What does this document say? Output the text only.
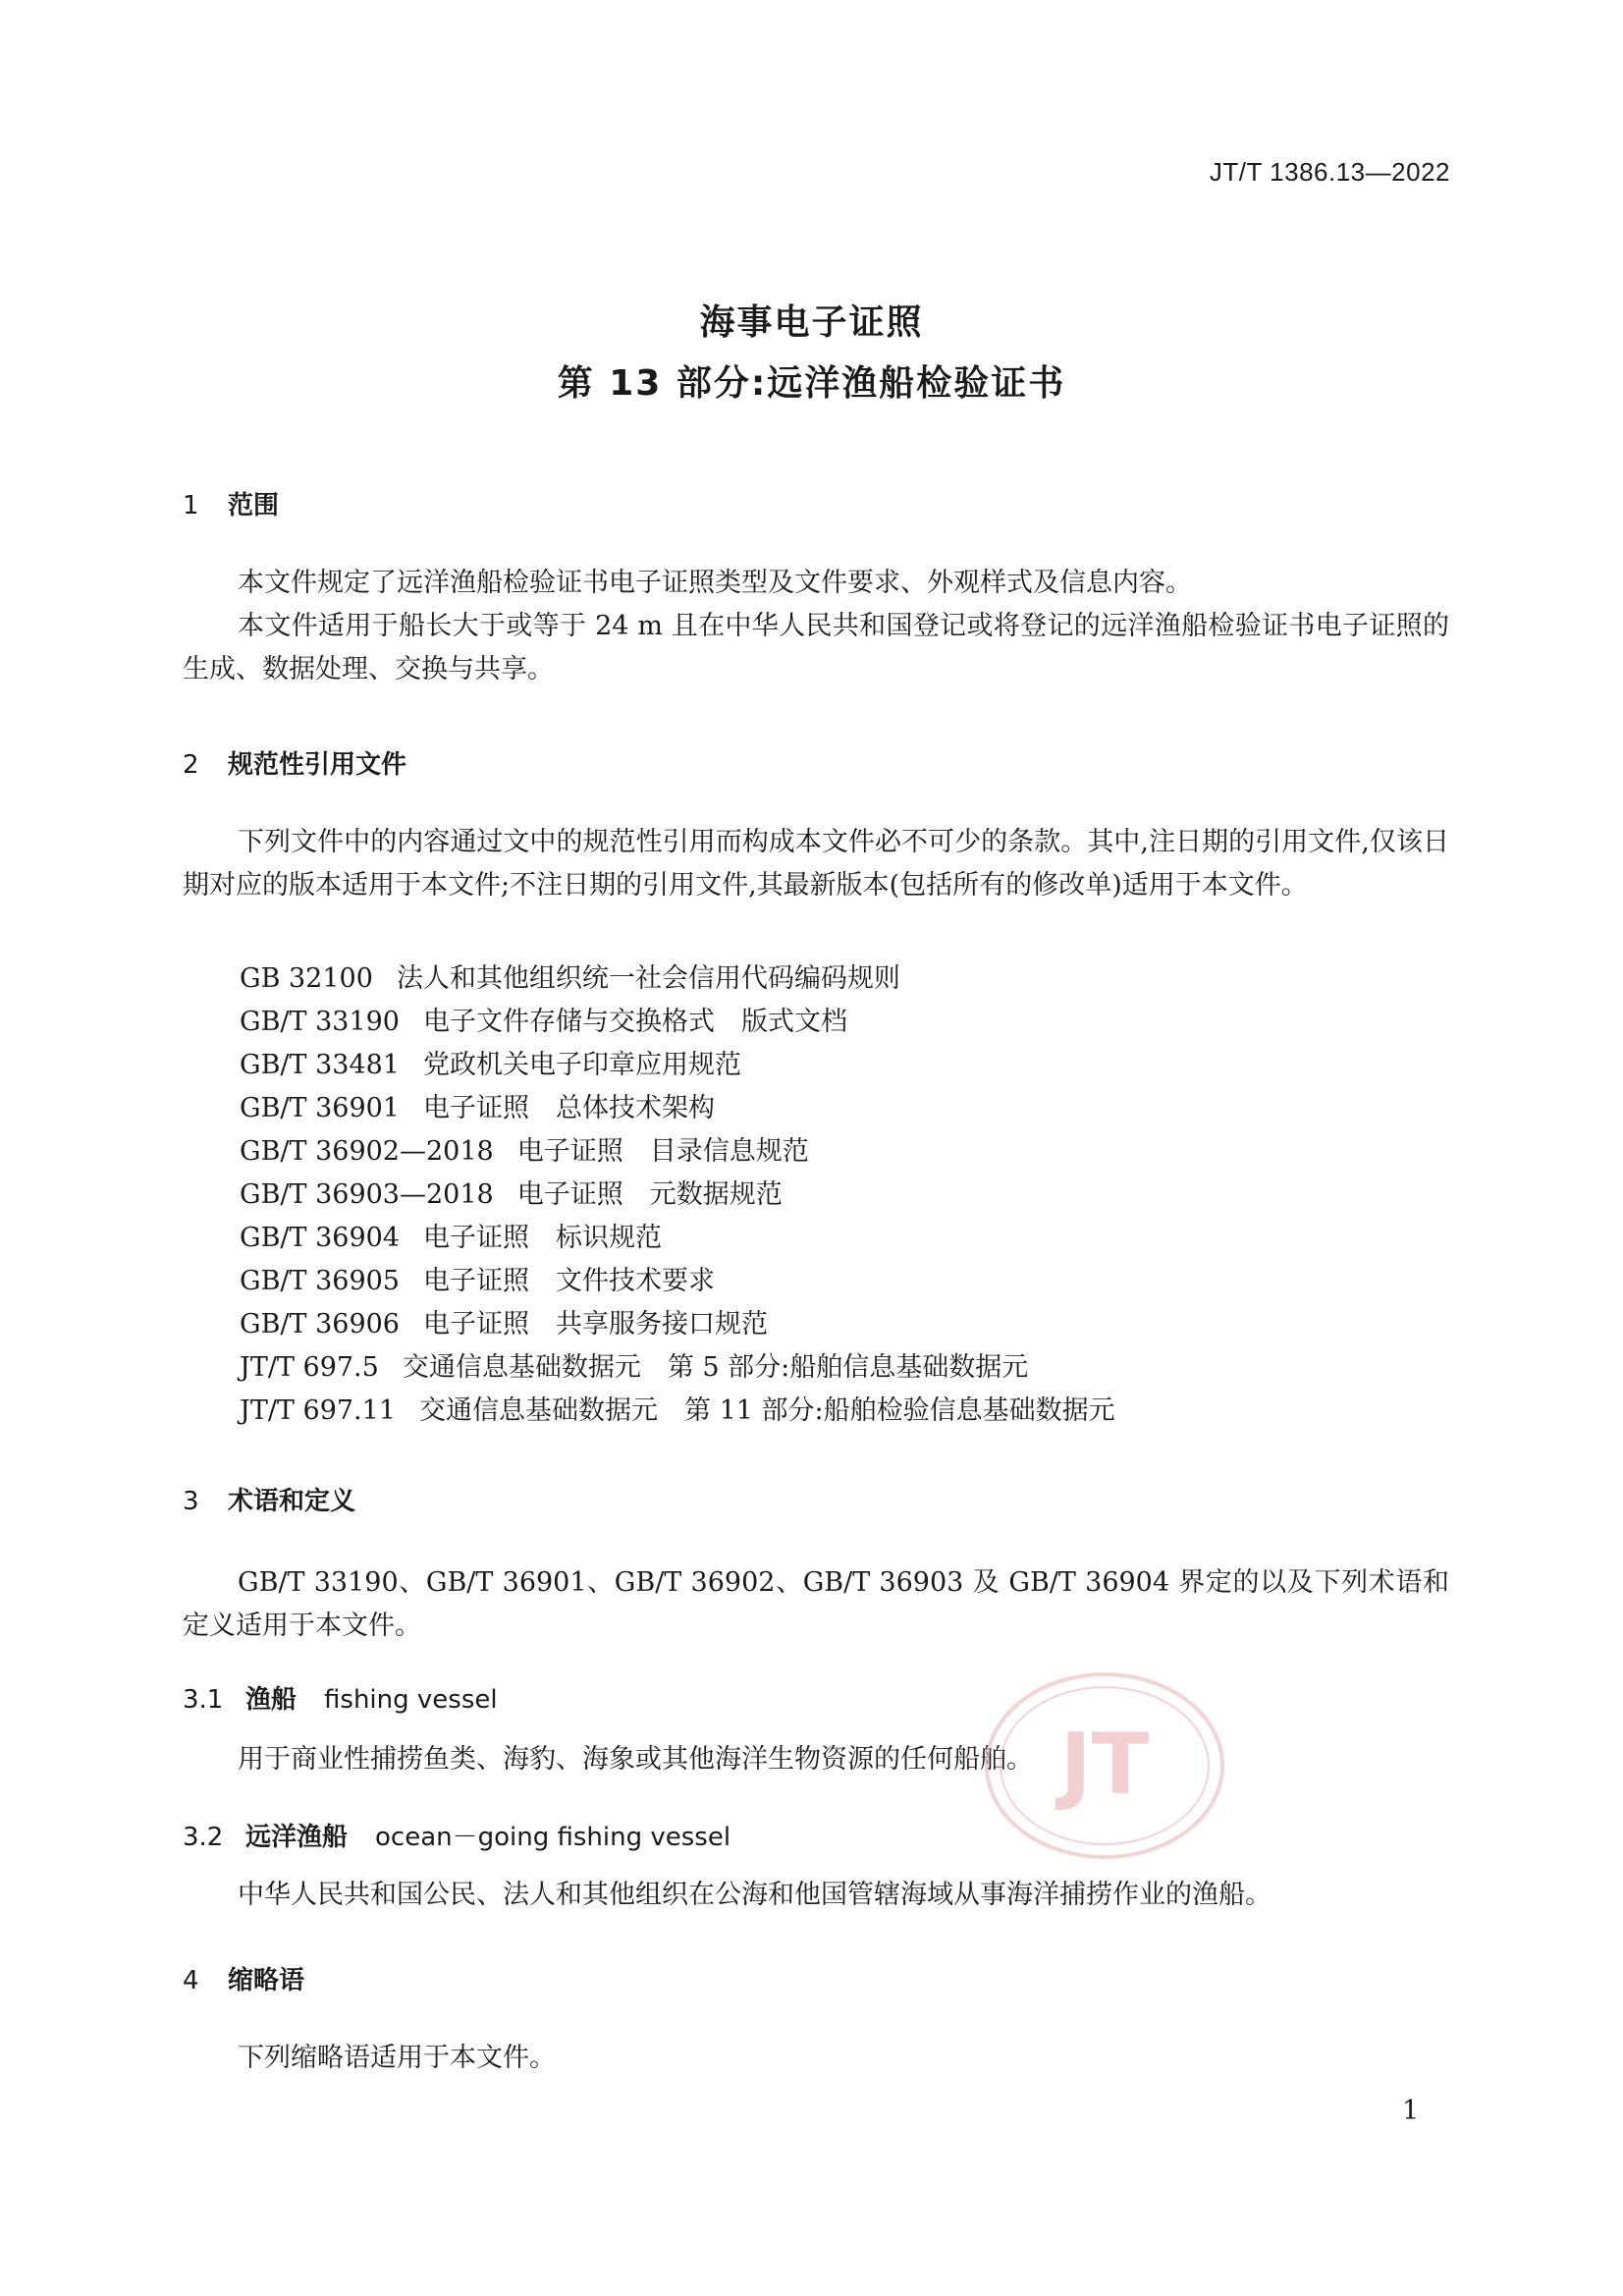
JT/T 1386.13—2022
海事电子证照
第 13 部分:远洋渔船检验证书
1 范围
本文件规定了远洋渔船检验证书电子证照类型及文件要求、外观样式及信息内容。
本文件适用于船长大于或等于 24 m 且在中华人民共和国登记或将登记的远洋渔船检验证书电子证照的生成、数据处理、交换与共享。
2 规范性引用文件
下列文件中的内容通过文中的规范性引用而构成本文件必不可少的条款。其中,注日期的引用文件,仅该日期对应的版本适用于本文件;不注日期的引用文件,其最新版本(包括所有的修改单)适用于本文件。
GB 32100 法人和其他组织统一社会信用代码编码规则
GB/T 33190 电子文件存储与交换格式　版式文档
GB/T 33481 党政机关电子印章应用规范
GB/T 36901 电子证照　总体技术架构
GB/T 36902—2018 电子证照　目录信息规范
GB/T 36903—2018 电子证照　元数据规范
GB/T 36904 电子证照　标识规范
GB/T 36905 电子证照　文件技术要求
GB/T 36906 电子证照　共享服务接口规范
JT/T 697.5 交通信息基础数据元　第 5 部分:船舶信息基础数据元
JT/T 697.11 交通信息基础数据元　第 11 部分:船舶检验信息基础数据元
3 术语和定义
GB/T 33190、GB/T 36901、GB/T 36902、GB/T 36903 及 GB/T 36904 界定的以及下列术语和定义适用于本文件。
3.1 渔船 fishing vessel
用于商业性捕捞鱼类、海豹、海象或其他海洋生物资源的任何船舶。
3.2 远洋渔船 ocean－going fishing vessel
中华人民共和国公民、法人和其他组织在公海和他国管辖海域从事海洋捕捞作业的渔船。
4 缩略语
下列缩略语适用于本文件。
1
JT
